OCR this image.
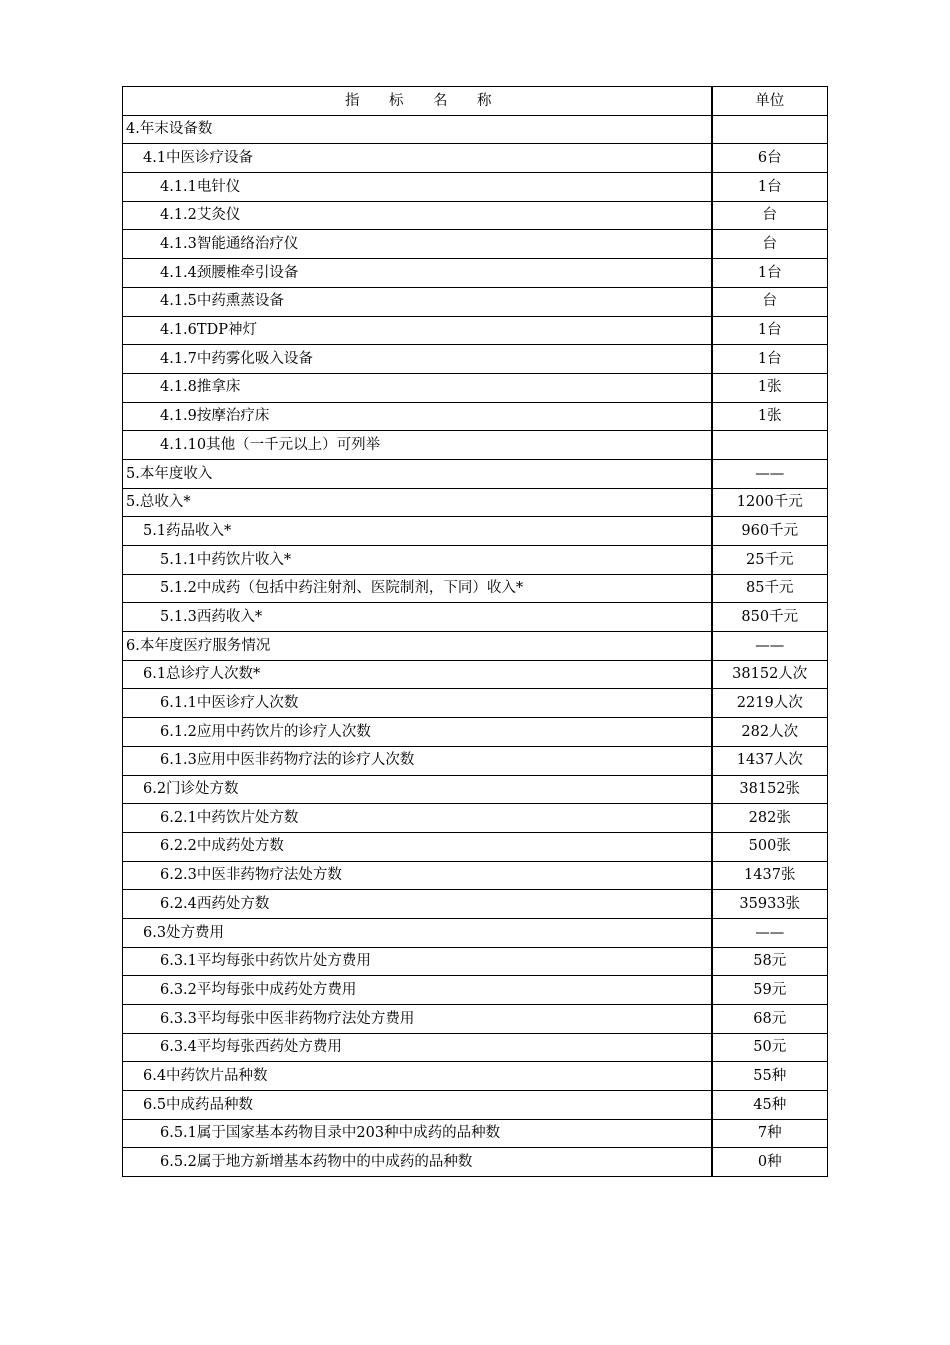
指 标 名 称	单位
4.年末设备数	
4.1中医诊疗设备	6台
4.1.1电针仪	1台
4.1.2艾灸仪	台
4.1.3智能通络治疗仪	台
4.1.4颈腰椎牵引设备	1台
4.1.5中药熏蒸设备	台
4.1.6TDP神灯	1台
4.1.7中药雾化吸入设备	1台
4.1.8推拿床	1张
4.1.9按摩治疗床	1张
4.1.10其他（一千元以上）可列举	
5.本年度收入	——
5.总收入*	1200千元
5.1药品收入*	960千元
5.1.1中药饮片收入*	25千元
5.1.2中成药（包括中药注射剂、医院制剂，下同）收入*	85千元
5.1.3西药收入*	850千元
6.本年度医疗服务情况	——
6.1总诊疗人次数*	38152人次
6.1.1中医诊疗人次数	2219人次
6.1.2应用中药饮片的诊疗人次数	282人次
6.1.3应用中医非药物疗法的诊疗人次数	1437人次
6.2门诊处方数	38152张
6.2.1中药饮片处方数	282张
6.2.2中成药处方数	500张
6.2.3中医非药物疗法处方数	1437张
6.2.4西药处方数	35933张
6.3处方费用	——
6.3.1平均每张中药饮片处方费用	58元
6.3.2平均每张中成药处方费用	59元
6.3.3平均每张中医非药物疗法处方费用	68元
6.3.4平均每张西药处方费用	50元
6.4中药饮片品种数	55种
6.5中成药品种数	45种
6.5.1属于国家基本药物目录中203种中成药的品种数	7种
6.5.2属于地方新增基本药物中的中成药的品种数	0种
